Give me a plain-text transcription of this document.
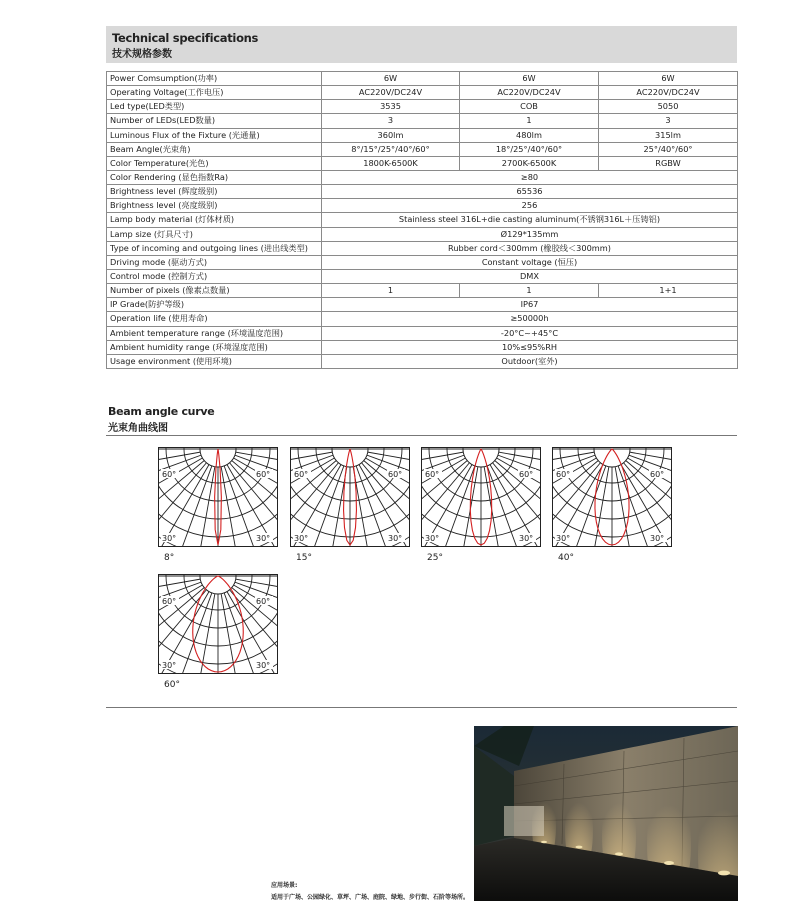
Technical specifications
技术规格参数
Power Comsumption(功率)	6W	6W	6W
Operating Voltage(工作电压)	AC220V/DC24V	AC220V/DC24V	AC220V/DC24V
Led type(LED类型)	3535	COB	5050
Number of LEDs(LED数量)	3	1	3
Luminous Flux of the Fixture (光通量)	360lm	480lm	315lm
Beam Angle(光束角)	8°/15°/25°/40°/60°	18°/25°/40°/60°	25°/40°/60°
Color Temperature(光色)	1800K-6500K	2700K-6500K	RGBW
Color Rendering (显色指数Ra)	≥80		
Brightness level (辉度级别)	65536		
Brightness level (亮度级别)	256		
Lamp body material (灯体材质)	Stainless steel 316L+die casting aluminum(不锈钢316L＋压铸铝)		
Lamp size (灯具尺寸)	Ø129*135mm		
Type of incoming and outgoing lines (进出线类型)	Rubber cord＜300mm (橡胶线＜300mm)		
Driving mode (驱动方式)	Constant voltage (恒压)		
Control mode (控制方式)	DMX		
Number of pixels (像素点数量)	1	1	1+1
IP Grade(防护等级)	IP67		
Operation life (使用寿命)	≥50000h		
Ambient temperature range (环境温度范围)	-20°C~+45°C		
Ambient humidity range (环境湿度范围)	10%≤95%RH		
Usage environment (使用环境)	Outdoor(室外)		
Beam angle curve
光束角曲线图
60°	60°
30°	30°
8°
60°	60°
30°	30°
15°
60°	60°
30°	30°
25°
60°	60°
30°	30°
40°
60°	60°
30°	30°
60°
应用场景:
适用于广场、公园绿化、草坪、广场、庭院、绿地、步行街、石阶等场所。
